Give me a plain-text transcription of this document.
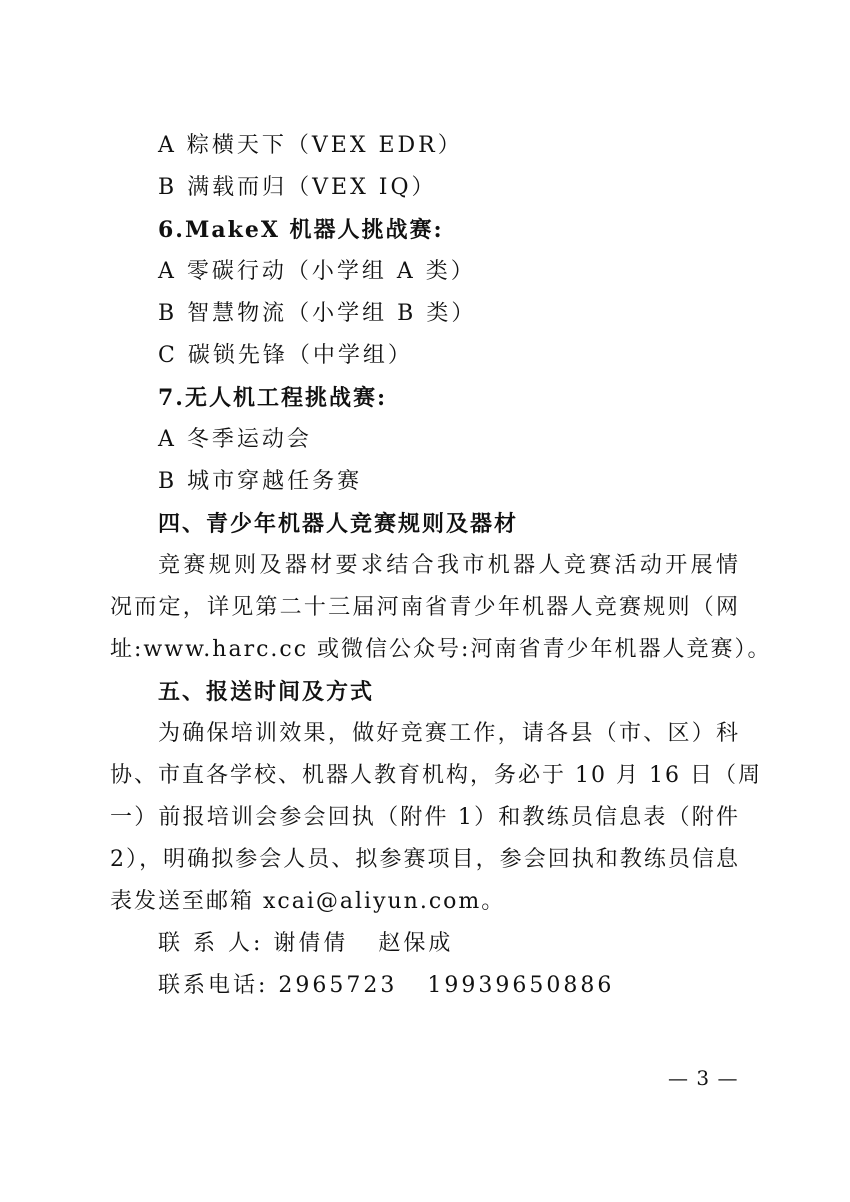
A 粽横天下（VEX EDR）
B 满载而归（VEX IQ）
6.MakeX 机器人挑战赛:
A 零碳行动（小学组 A 类）
B 智慧物流（小学组 B 类）
C 碳锁先锋（中学组）
7.无人机工程挑战赛:
A 冬季运动会
B 城市穿越任务赛
四、青少年机器人竞赛规则及器材
竞赛规则及器材要求结合我市机器人竞赛活动开展情
况而定，详见第二十三届河南省青少年机器人竞赛规则（网
址:www.harc.cc 或微信公众号:河南省青少年机器人竞赛）。
五、报送时间及方式
为确保培训效果，做好竞赛工作，请各县（市、区）科
协、市直各学校、机器人教育机构，务必于 10 月 16 日（周
一）前报培训会参会回执（附件 1）和教练员信息表（附件
2），明确拟参会人员、拟参赛项目，参会回执和教练员信息
表发送至邮箱 xcai@aliyun.com。
联 系 人: 谢倩倩   赵保成
联系电话: 2965723   19939650886
— 3 —
